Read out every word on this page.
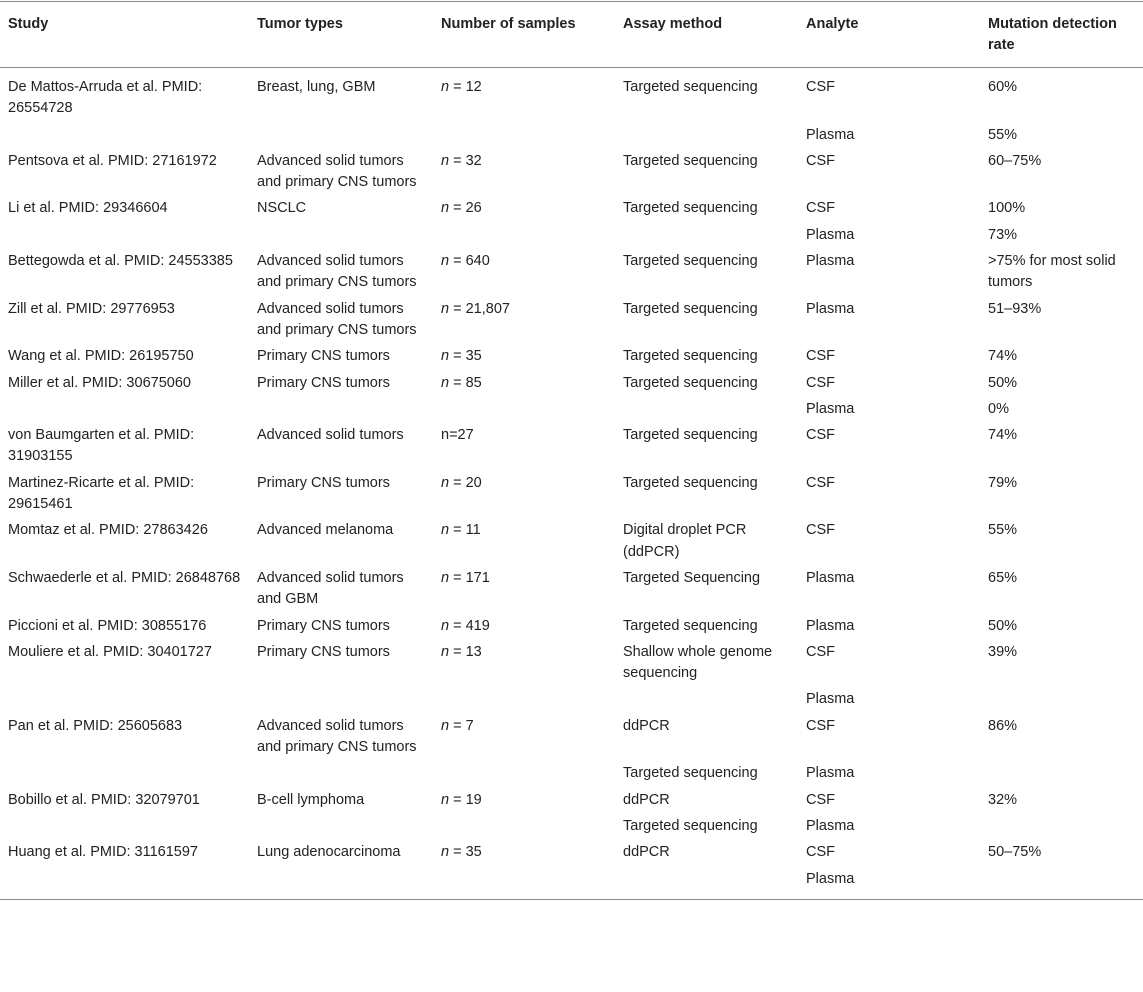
Study	Tumor types	Number of samples	Assay method	Analyte	Mutation detection rate
De Mattos-Arruda et al. PMID: 26554728	Breast, lung, GBM	n = 12	Targeted sequencing	CSF	60%
				Plasma	55%
Pentsova et al. PMID: 27161972	Advanced solid tumors and primary CNS tumors	n = 32	Targeted sequencing	CSF	60–75%
Li et al. PMID: 29346604	NSCLC	n = 26	Targeted sequencing	CSF	100%
				Plasma	73%
Bettegowda et al. PMID: 24553385	Advanced solid tumors and primary CNS tumors	n = 640	Targeted sequencing	Plasma	>75% for most solid tumors
Zill et al. PMID: 29776953	Advanced solid tumors and primary CNS tumors	n = 21,807	Targeted sequencing	Plasma	51–93%
Wang et al. PMID: 26195750	Primary CNS tumors	n = 35	Targeted sequencing	CSF	74%
Miller et al. PMID: 30675060	Primary CNS tumors	n = 85	Targeted sequencing	CSF	50%
				Plasma	0%
von Baumgarten et al. PMID: 31903155	Advanced solid tumors	n=27	Targeted sequencing	CSF	74%
Martinez-Ricarte et al. PMID: 29615461	Primary CNS tumors	n = 20	Targeted sequencing	CSF	79%
Momtaz et al. PMID: 27863426	Advanced melanoma	n = 11	Digital droplet PCR (ddPCR)	CSF	55%
Schwaederle et al. PMID: 26848768	Advanced solid tumors and GBM	n = 171	Targeted Sequencing	Plasma	65%
Piccioni et al. PMID: 30855176	Primary CNS tumors	n = 419	Targeted sequencing	Plasma	50%
Mouliere et al. PMID: 30401727	Primary CNS tumors	n = 13	Shallow whole genome sequencing	CSF	39%
				Plasma	
Pan et al. PMID: 25605683	Advanced solid tumors and primary CNS tumors	n = 7	ddPCR	CSF	86%
			Targeted sequencing	Plasma	
Bobillo et al. PMID: 32079701	B-cell lymphoma	n = 19	ddPCR	CSF	32%
			Targeted sequencing	Plasma	
Huang et al. PMID: 31161597	Lung adenocarcinoma	n = 35	ddPCR	CSF	50–75%
				Plasma	
